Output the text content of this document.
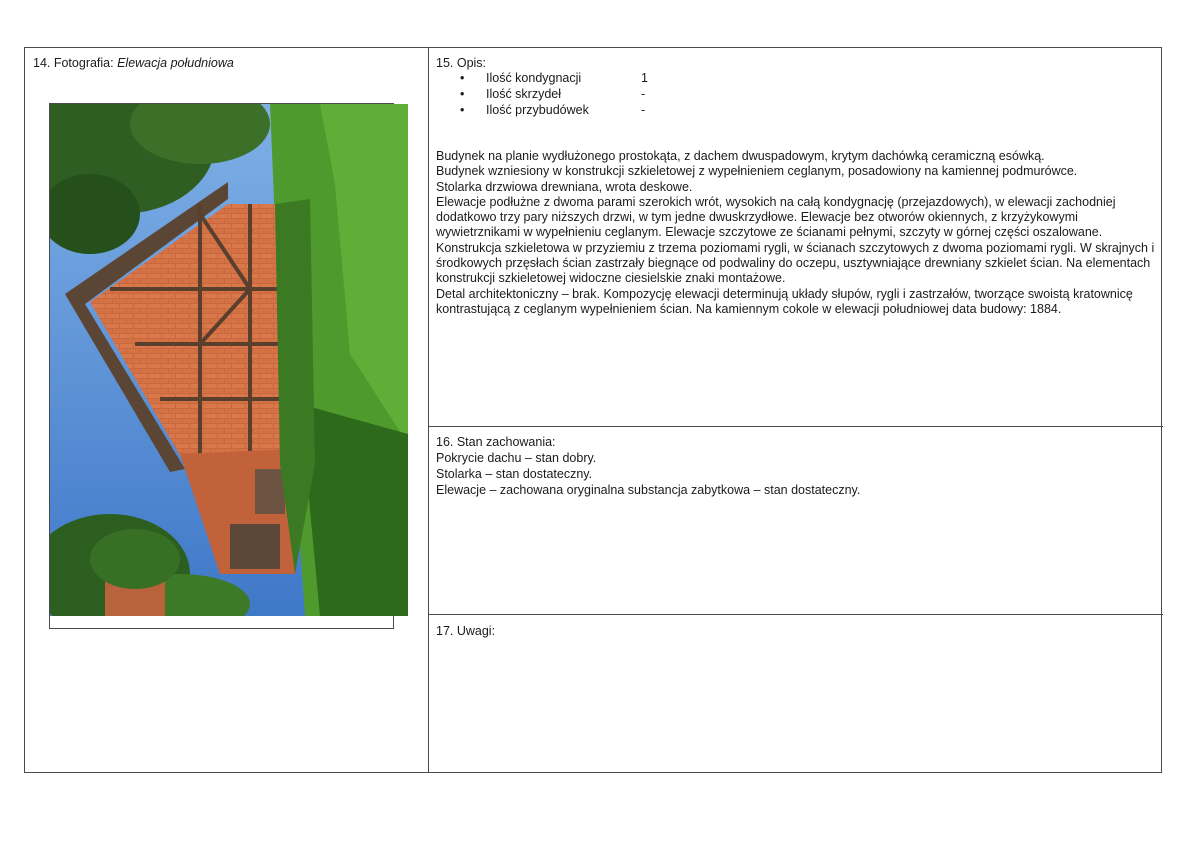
14. Fotografia: Elewacja południowa	15. Opis:
• Ilość kondygnacji	1
• Ilość skrzydeł	-
• Ilość przybudówek	-

Budynek na planie wydłużonego prostokąta, z dachem dwuspadowym, krytym dachówką ceramiczną esówką.

Budynek wzniesiony w konstrukcji szkieletowej z wypełnieniem ceglanym, posadowiony na kamiennej podmurówce.

Stolarka drzwiowa drewniana, wrota deskowe.

Elewacje podłużne z dwoma parami szerokich wrót, wysokich na całą kondygnację (przejazdowych), w elewacji zachodniej dodatkowo trzy pary niższych drzwi, w tym jedne dwuskrzydłowe. Elewacje bez otworów okiennych, z krzyżykowymi wywietrznikami w wypełnieniu ceglanym. Elewacje szczytowe ze ścianami pełnymi, szczyty w górnej części oszalowane. Konstrukcja szkieletowa w przyziemiu z trzema poziomami rygli, w ścianach szczytowych z dwoma poziomami rygli. W skrajnych i środkowych przęsłach ścian zastrzały biegnące od podwaliny do oczepu, usztywniające drewniany szkielet ścian. Na elementach konstrukcji szkieletowej widoczne ciesielskie znaki montażowe.

Detal architektoniczny – brak. Kompozycję elewacji determinują układy słupów, rygli i zastrzałów, tworzące swoistą kratownicę kontrastującą z ceglanym wypełnieniem ścian. Na kamiennym cokole w elewacji południowej data budowy: 1884.

16. Stan zachowania:

Pokrycie dachu – stan dobry.

Stolarka – stan dostateczny.

Elewacje – zachowana oryginalna substancja zabytkowa – stan dostateczny.

17. Uwagi:
